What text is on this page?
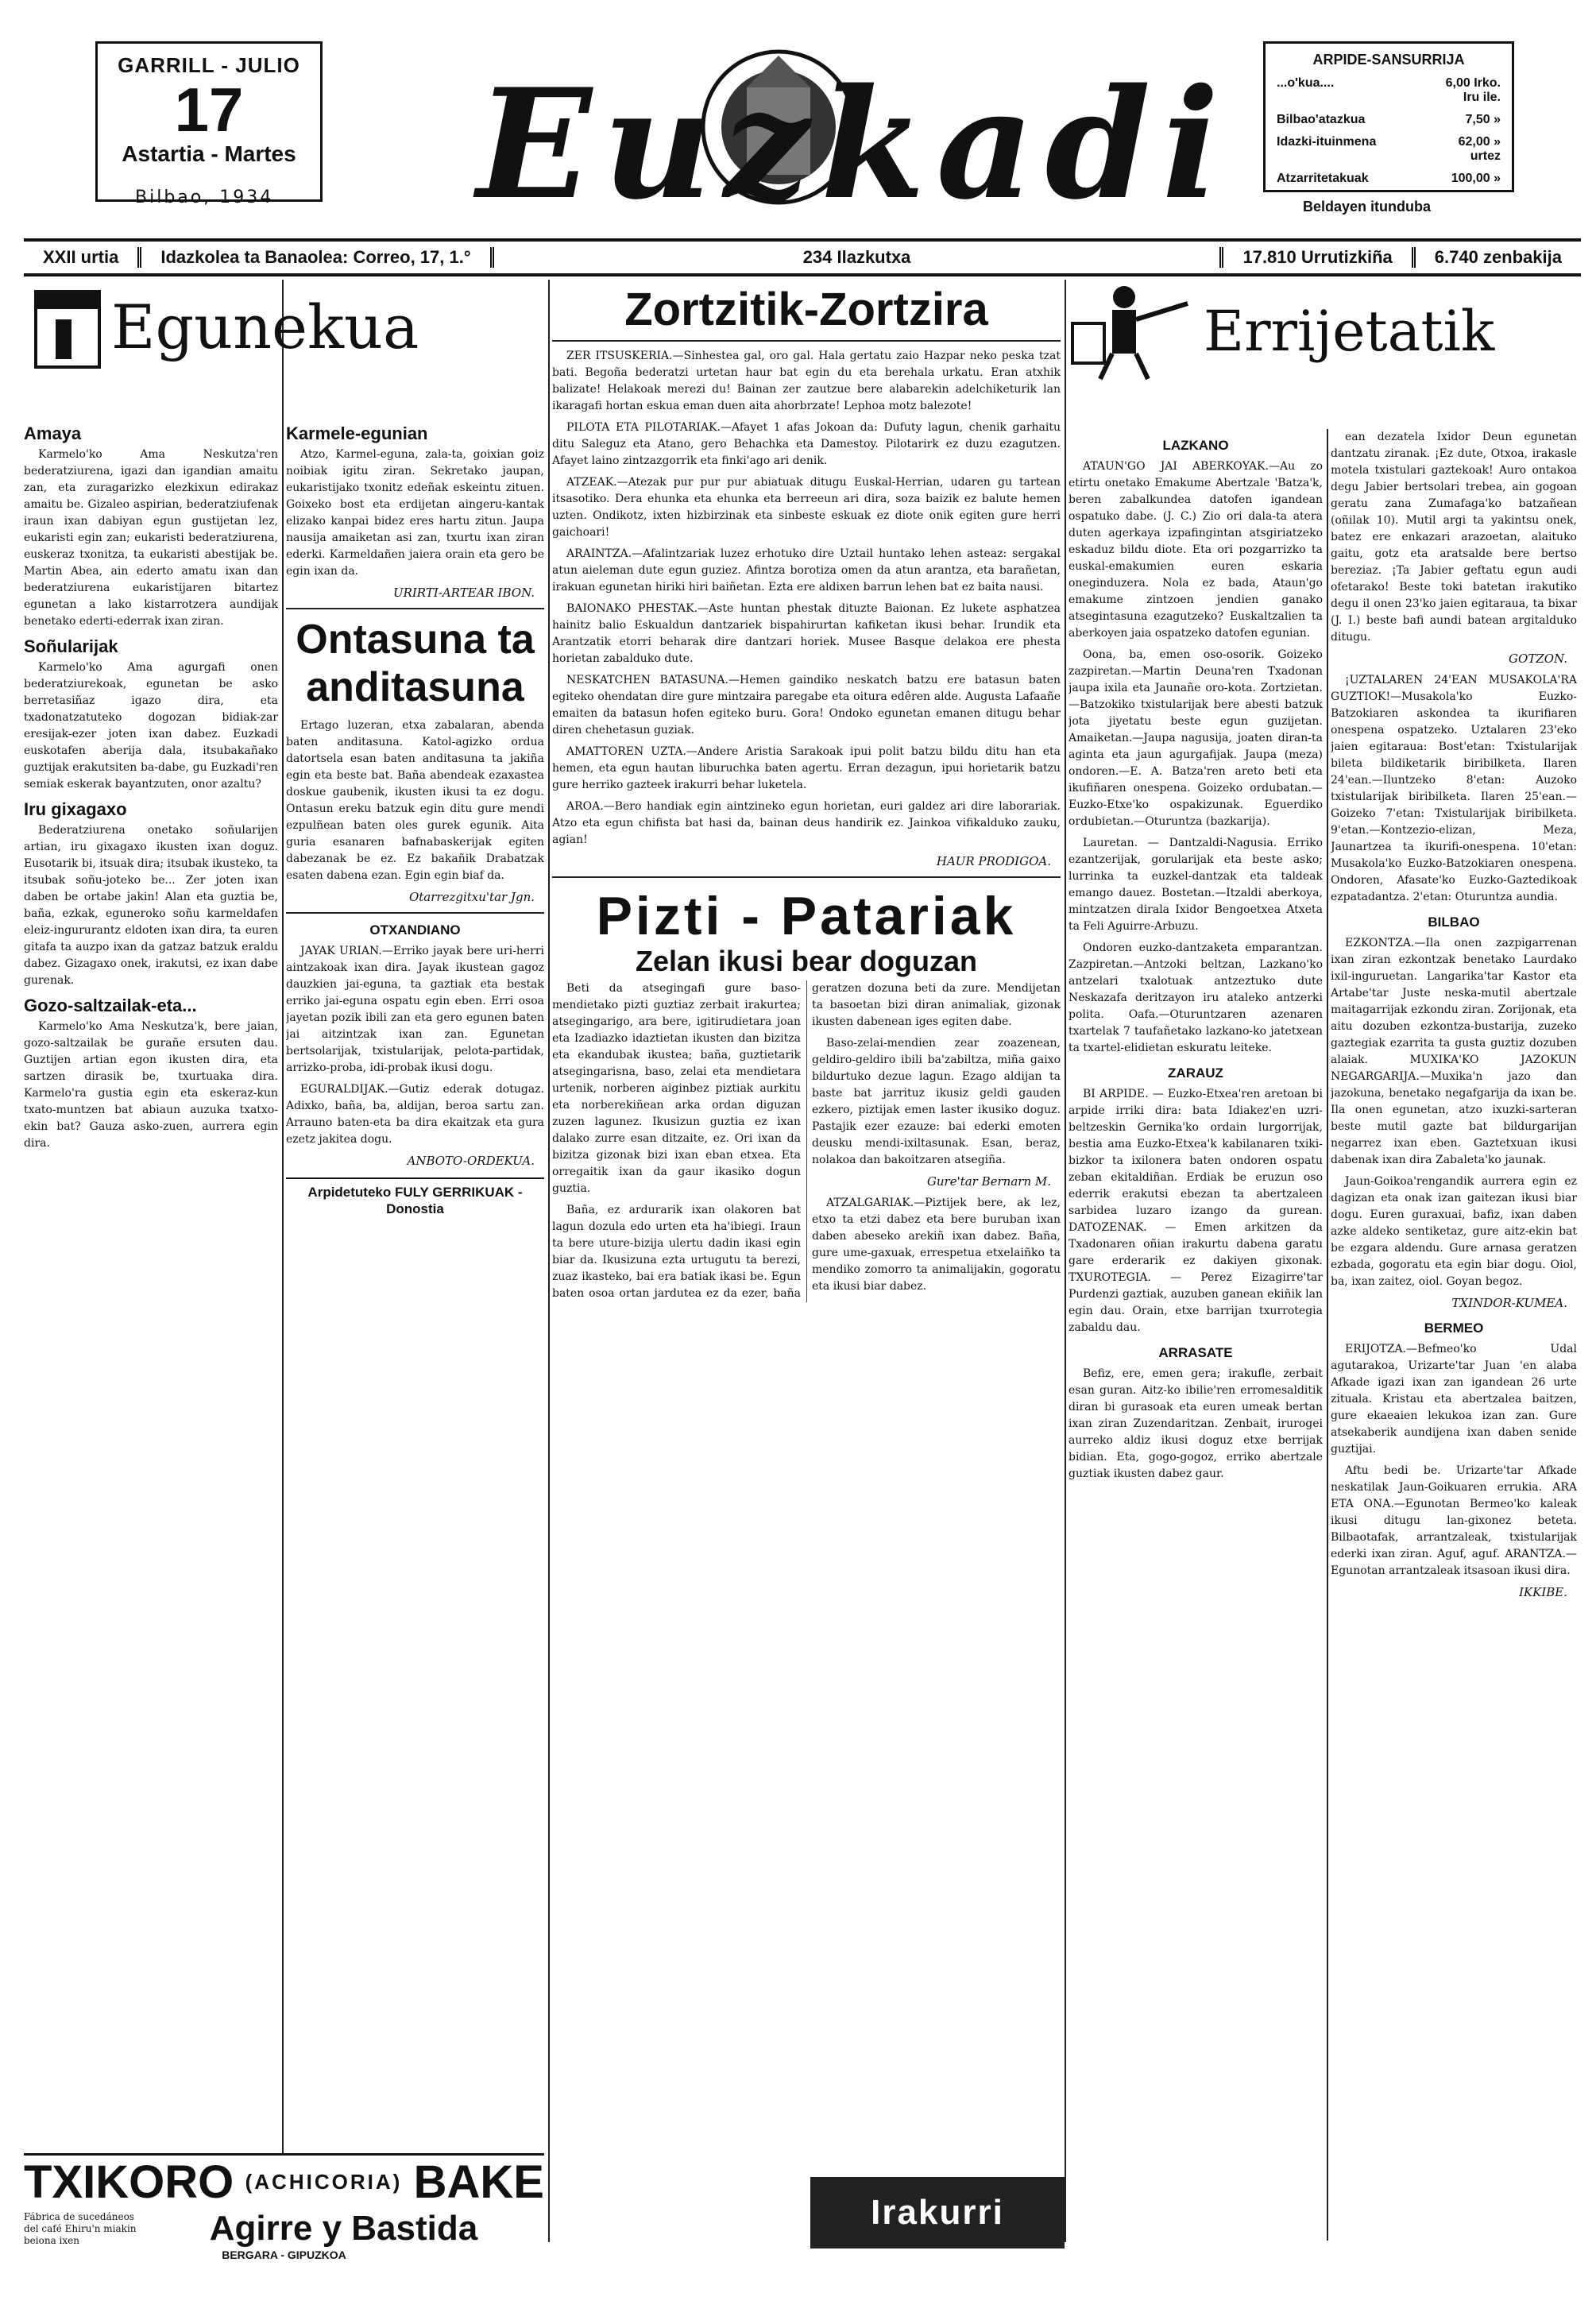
GARRILL - JULIO
17
Astartia - Martes
Bilbao, 1934 Euzkadi	ARPIDE-SANSURRIJA
...o'kua....	6,00 Irko. Iru ile.
Bilbao'atazkua	7,50 »
Idazki-ituinmena	62,00 » urtez
Atzarritetakuak	100,00 »
Beldayen itunduba
XXII urtia	Idazkolea ta Banaolea: Correo, 17, 1.°	234 Ilazkutxa	17.810 Urrutizkiña	6.740 zenbakija
Egunekua
Amaya

Karmelo'ko Ama Neskutza'ren bederatziurena, igazi dan igandian amaitu zan, eta zuragarizko elezkixun edirakaz amaitu be. Gizaleo aspirian, bederatziufenak iraun ixan dabiyan egun gustijetan lez, eukaristi egin zan; eukaristi bederatziurena, euskeraz txonitza, ta eukaristi abestijak be. Martin Abea, ain ederto amatu ixan dan bederatziurena eukaristijaren bitartez egunetan a lako kistarrotzera aundijak benetako ederti-ederrak ixan ziran.

Soñularijak

Karmelo'ko Ama agurgafi onen bederatziurekoak, egunetan be asko berretasiñaz igazo dira, eta txadonatzatuteko dogozan bidiak-zar eresijak-ezer joten ixan dabez. Euzkadi euskotafen aberija dala, itsubakañako guztijak erakutsiten ba-dabe, gu Euzkadi'ren semiak eskerak bayantzuten, onor azaltu?

Iru gixagaxo

Bederatziurena onetako soñularijen artian, iru gixagaxo ikusten ixan doguz. Eusotarik bi, itsuak dira; itsubak ikusteko, ta itsubak soñu-joteko be... Zer joten ixan daben be ortabe jakin! Alan eta guztia be, baña, ezkak, eguneroko soñu karmeldafen eleiz-ingururantz eldoten ixan dira, ta euren gitafa ta auzpo ixan da gatzaz batzuk eraldu dabez. Gizagaxo onek, irakutsi, ez ixan dabe gurenak.

Gozo-saltzailak-eta...

Karmelo'ko Ama Neskutza'k, bere jaian, gozo-saltzailak be gurañe ersuten dau. Guztijen artian egon ikusten dira, eta sartzen dirasik be, txurtuaka dira. Karmelo'ra gustia egin eta eskeraz-kun txato-muntzen bat abiaun auzuka txatxo-ekin bat? Gauza asko-zuen, aurrera egin dira.

Karmele-egunian

Atzo, Karmel-eguna, zala-ta, goixian goiz noibiak igitu ziran. Sekretako jaupan, eukaristijako txonitz edeñak eskeintu zituen. Goixeko bost eta erdijetan aingeru-kantak elizako kanpai bidez eres hartu zitun. Jaupa nausija amaiketan asi zan, txurtu ixan ziran ederki. Karmeldañen jaiera orain eta gero be egin ixan da.

URIRTI-ARTEAR IBON.
Ontasuna ta anditasuna

Ertago luzeran, etxa zabalaran, abenda baten anditasuna. Katol-agizko ordua datortsela esan baten anditasuna ta jakiña egin eta beste bat. Baña abendeak ezaxastea doskue gaubenik, ikusten ikusi ta ez dogu. Ontasun ereku batzuk egin ditu gure mendi ezpulñean baten oles gurek egunik. Aita guria esanaren bafnabaskerijak egiten dabezanak be ez. Ez bakañik Drabatzak esaten dabena ezan. Egin egin biaf da.

Otarrezgitxu'tar Jgn.
OTXANDIANO

JAYAK URIAN.—Erriko jayak bere uri-herri aintzakoak ixan dira. Jayak ikustean gagoz dauzkien jai-eguna, ta gaztiak eta bestak erriko jai-eguna ospatu egin eben. Erri osoa jayetan pozik ibili zan eta gero egunen baten jai aitzintzak ixan zan. Egunetan bertsolarijak, txistularijak, pelota-partidak, arrizko-proba, idi-probak ikusi dogu.

EGURALDIJAK.—Gutiz ederak dotugaz. Adixko, baña, ba, aldijan, beroa sartu zan. Arrauno baten-eta ba dira ekaitzak eta gura ezetz jakitea dogu.

ANBOTO-ORDEKUA.
Arpidetuteko FULY GERRIKUAK - Donostia
Zortzitik-Zortzira

ZER ITSUSKERIA.—Sinhestea gal, oro gal. Hala gertatu zaio Hazpar neko peska tzat bati. Begoña bederatzi urtetan haur bat egin du eta berehala urkatu. Eran atxhik balizate! Helakoak merezi du! Bainan zer zautzue bere alabarekin adelchiketurik lan ikaragafi hortan eskua eman duen aita ahorbrzate! Lephoa motz balezote!

PILOTA ETA PILOTARIAK.—Afayet 1 afas Jokoan da: Dufuty lagun, chenik garhaitu ditu Saleguz eta Atano, gero Behachka eta Damestoy. Pilotarirk ez duzu ezagutzen. Afayet laino zintzazgorrik eta finki'ago ari denik.

ATZEAK.—Atezak pur pur pur abiatuak ditugu Euskal-Herrian, udaren gu tartean itsasotiko. Dera ehunka eta ehunka eta berreeun ari dira, soza baizik ez balute hemen uzten. Ondikotz, ixten hizbirzinak eta sinbeste eskuak ez diote onik egiten gure herri gaichoari!

ARAINTZA.—Afalintzariak luzez erhotuko dire Uztail huntako lehen asteaz: sergakal atun aieleman dute egun guziez. Afintza borotiza omen da atun arantza, eta barañetan, irakuan egunetan hiriki hiri baiñetan. Ezta ere aldixen barrun lehen bat ez baita nausi.

BAIONAKO PHESTAK.—Aste huntan phestak dituzte Baionan. Ez lukete asphatzea hainitz balio Eskualdun dantzariek bispahirurtan kafiketan ikusi behar. Irundik eta Arantzatik etorri beharak dire dantzari horiek. Musee Basque delakoa ere phesta horietan zabalduko dute.

NESKATCHEN BATASUNA.—Hemen gaindiko neskatch batzu ere batasun baten egiteko ohendatan dire gure mintzaira paregabe eta oitura edêren alde. Augusta Lafaañe emaiten da batasun hofen egiteko buru. Gora! Ondoko egunetan emanen ditugu behar diren chehetasun guziak.

AMATTOREN UZTA.—Andere Aristia Sarakoak ipui polit batzu bildu ditu han eta hemen, eta egun hautan liburuchka baten agertu. Erran dezagun, ipui horietarik batzu gure herriko gazteek irakurri behar luketela.

AROA.—Bero handiak egin aintzineko egun horietan, euri galdez ari dire laborariak. Atzo eta egun chifista bat hasi da, bainan deus handirik ez. Jainkoa vifikalduko zauku, agian!

HAUR PRODIGOA.
Pizti - Patariak
Zelan ikusi bear doguzan

Beti da atsegingafi gure baso-mendietako pizti guztiaz zerbait irakurtea; atsegingarigo, ara bere, igitirudietara joan eta Izadiazko idaztietan ikusten dan bizitza eta ekandubak ikustea; baña, guztietarik atsegingarisna, baso, zelai eta mendietara urtenik, norberen aiginbez piztiak aurkitu eta norberekiñean arka ordan diguzan zuzen lagunez. Ikusizun guztia ez ixan dalako zurre esan ditzaite, ez. Ori ixan da bizitza gizonak bizi ixan eban etxea. Eta orregaitik ixan da gaur ikasiko dogun guztia.

Baña, ez ardurarik ixan olakoren bat lagun dozula edo urten eta ha'ibiegi. Iraun ta bere uture-bizija ulertu dadin ikasi egin biar da. Ikusizuna ezta urtugutu ta berezi, zuaz ikasteko, bai era batiak ikasi be. Egun baten osoa ortan jardutea ez da ezer, baña geratzen dozuna beti da zure. Mendijetan ta basoetan bizi diran animaliak, gizonak ikusten dabenean iges egiten dabe.

Baso-zelai-mendien zear zoazenean, geldiro-geldiro ibili ba'zabiltza, miña gaixo bildurtuko dezue lagun. Ezago aldijan ta baste bat jarrituz ikusiz geldi gauden ezkero, piztijak emen laster ikusiko doguz. Pastajik ezer ezauze: bai ederki emoten deusku mendi-ixiltasunak. Esan, beraz, nolakoa dan bakoitzaren atsegiña.

Gure'tar Bernarn M.

ATZALGARIAK.—Piztijek bere, ak lez, etxo ta etzi dabez eta bere buruban ixan daben abeseko arekiñ ixan dabez. Baña, gure ume-gaxuak, errespetua etxelaiñko ta mendiko zomorro ta animalijakin, gogoratu eta ikusi biar dabez.

Errijetatik
LAZKANO

ATAUN'GO JAI ABERKOYAK.—Au zo etirtu onetako Emakume Abertzale 'Batza'k, beren zabalkundea datofen igandean ospatuko dabe. (J. C.) Zio ori dala-ta atera duten agerkaya izpafingintan atsgiriatzeko eskaduz bildu diote. Eta ori pozgarrizko ta euskal-emakumien euren eskaria oneginduzera. Nola ez bada, Ataun'go emakume zintzoen jendien ganako atsegintasuna ezagutzeko? Euskaltzalien ta aberkoyen jaia ospatzeko datofen egunian.

Oona, ba, emen oso-osorik. Goizeko zazpiretan.—Martin Deuna'ren Txadonan jaupa ixila eta Jaunañe oro-kota. Zortzietan.—Batzokiko txistularijak bere abesti batzuk jota jiyetatu beste egun guzijetan. Amaiketan.—Jaupa nagusija, joaten diran-ta aginta eta jaun agurgafijak. Jaupa (meza) ondoren.—E. A. Batza'ren areto beti eta ikufiñaren onespena. Goizeko ordubatan.—Euzko-Etxe'ko ospakizunak. Eguerdiko ordubietan.—Oturuntza (bazkarija).

Lauretan. — Dantzaldi-Nagusia. Erriko ezantzerijak, gorularijak eta beste asko; lurrinka ta euzkel-dantzak eta taldeak emango dauez. Bostetan.—Itzaldi aberkoya, mintzatzen dirala Ixidor Bengoetxea Atxeta ta Feli Aguirre-Arbuzu.

Ondoren euzko-dantzaketa emparantzan. Zazpiretan.—Antzoki beltzan, Lazkano'ko antzelari txalotuak antzeztuko dute Neskazafa deritzayon iru ataleko antzerki polita. Oafa.—Oturuntzaren azenaren txartelak 7 taufañetako lazkano-ko jatetxean ta txartel-elidietan eskuratu leiteke.

ZARAUZ

BI ARPIDE. — Euzko-Etxea'ren aretoan bi arpide irriki dira: bata Idiakez'en uzri-beltzeskin Gernika'ko ordain lurgorrijak, bestia ama Euzko-Etxea'k kabilanaren txiki-bizkor ta ixilonera baten ondoren ospatu zeban ekitaldiñan. Erdiak be eruzun oso ederrik erakutsi ebezan ta abertzaleen sarbidea luzaro izango da gurean. DATOZENAK. — Emen arkitzen da Txadonaren oñian irakurtu dabena garatu gare erderarik ez dakiyen gixonak. TXUROTEGIA. — Perez Eizagirre'tar Purdenzi gaztiak, auzuben ganean ekiñik lan egin dau. Orain, etxe barrijan txurrotegia zabaldu dau.

ARRASATE

Befiz, ere, emen gera; irakufle, zerbait esan guran. Aitz-ko ibilie'ren erromesalditik diran bi gurasoak eta euren umeak bertan ixan ziran Zuzendaritzan. Zenbait, irurogei aurreko aldiz ikusi doguz etxe berrijak bidian. Eta, gogo-gogoz, erriko abertzale guztiak ikusten dabez gaur.

ean dezatela Ixidor Deun egunetan dantzatu ziranak. ¡Ez dute, Otxoa, irakasle motela txistulari gaztekoak! Auro ontakoa degu Jabier bertsolari trebea, ain gogoan geratu zana Zumafaga'ko batzañean (oñilak 10). Mutil argi ta yakintsu onek, batez ere enkazari arazoetan, alaituko gaitu, gotz eta aratsalde bere bertso bereziaz. ¡Ta Jabier geftatu egun audi ofetarako! Beste toki batetan irakutiko degu il onen 23'ko jaien egitaraua, ta bixar (J. I.) beste bafi aundi batean argitalduko ditugu.

GOTZON.

¡UZTALAREN 24'EAN MUSAKOLA'RA GUZTIOK!—Musakola'ko Euzko-Batzokiaren askondea ta ikurifiaren onespena ospatzeko. Uztalaren 23'eko jaien egitaraua: Bost'etan: Txistularijak bileta bildiketarik biribilketa. Ilaren 24'ean.—Iluntzeko 8'etan: Auzoko txistularijak biribilketa. Ilaren 25'ean.—Goizeko 7'etan: Txistularijak biribilketa. 9'etan.—Kontzezio-elizan, Meza, Jaunartzea ta ikurifi-onespena. 10'etan: Musakola'ko Euzko-Batzokiaren onespena. Ondoren, Afasate'ko Euzko-Gaztedikoak ezpatadantza. 2'etan: Oturuntza aundia.

BILBAO

EZKONTZA.—Ila onen zazpigarrenan ixan ziran ezkontzak benetako Laurdako ixil-inguruetan. Langarika'tar Kastor eta Artabe'tar Juste neska-mutil abertzale maitagarrijak ezkondu ziran. Zorijonak, eta aitu dozuben ezkontza-bustarija, zuzeko gaztegiak ezarrita ta gusta guztiz dozuben alaiak. MUXIKA'KO JAZOKUN NEGARGARIJA.—Muxika'n jazo dan jazokuna, benetako negafgarija da ixan be. Ila onen egunetan, atzo ixuzki-sarteran beste mutil gazte bat bildurgarijan negarrez ixan eben. Gaztetxuan ikusi dabenak ixan dira Zabaleta'ko jaunak.

Jaun-Goikoa'rengandik aurrera egin ez dagizan eta onak izan gaitezan ikusi biar dogu. Euren guraxuai, bafiz, ixan daben azke aldeko sentiketaz, gure aitz-ekin bat be ezgara aldendu. Gure arnasa geratzen ezbada, gogoratu eta egin biar dogu. Oiol, ba, ixan zaitez, oiol. Goyan begoz.

TXINDOR-KUMEA.
BERMEO

ERIJOTZA.—Befmeo'ko Udal agutarakoa, Urizarte'tar Juan 'en alaba Afkade igazi ixan zan igandean 26 urte zituala. Kristau eta abertzalea baitzen, gure ekaeaien lekukoa izan zan. Gure atsekaberik aundijena ixan daben senide guztijai.

Aftu bedi be. Urizarte'tar Afkade neskatilak Jaun-Goikuaren errukia. ARA ETA ONA.—Egunotan Bermeo'ko kaleak ikusi ditugu lan-gixonez beteta. Bilbaotafak, arrantzaleak, txistularijak ederki ixan ziran. Aguf, aguf. ARANTZA.—Egunotan arrantzaleak itsasoan ikusi dira.

IKKIBE.
TXIKORO (ACHICORIA) BAKE
Fábrica de sucedáneos del café Ehiru'n miakin beiona ixen	Agirre y Bastida
BERGARA - GIPUZKOA
Irakurri EUZKADI
